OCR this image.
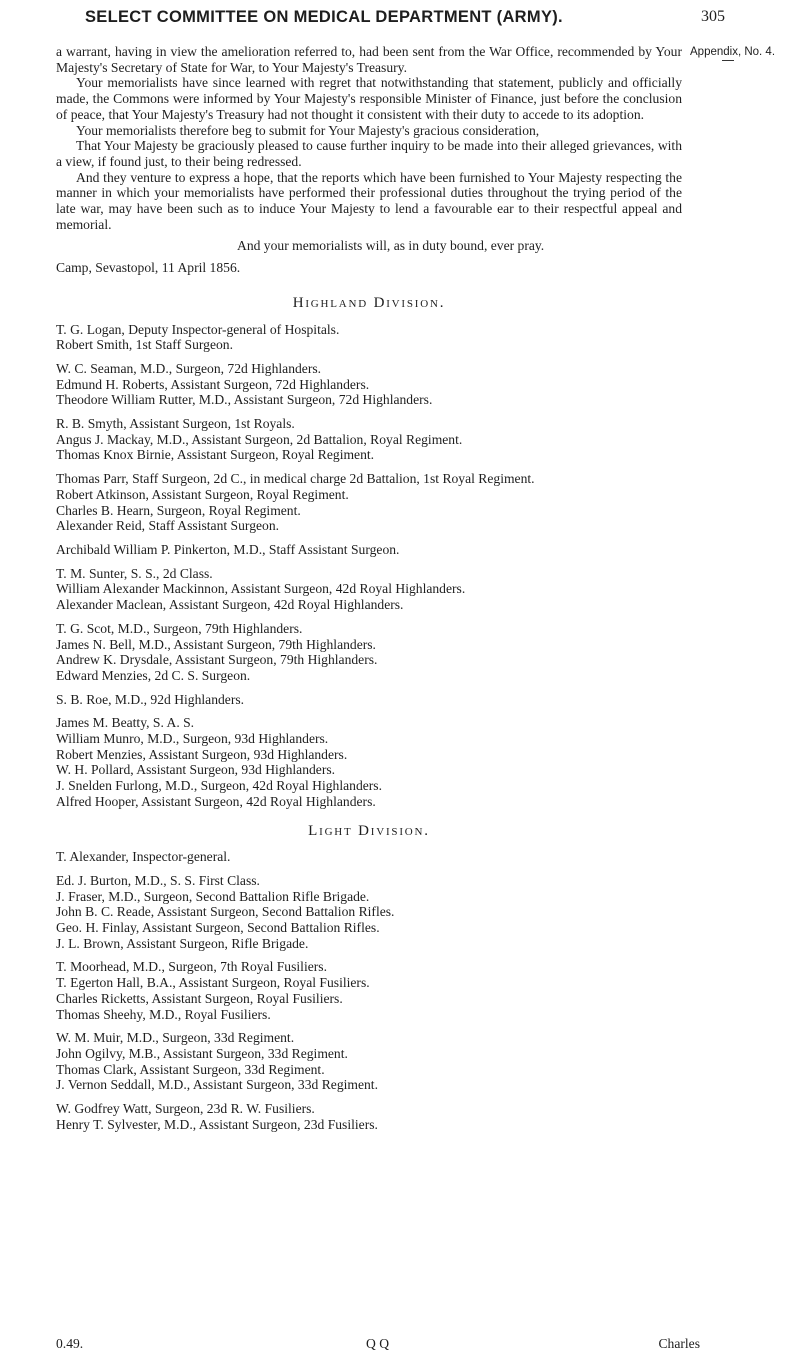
SELECT COMMITTEE ON MEDICAL DEPARTMENT (ARMY).	305
Appendix, No. 4.

a warrant, having in view the amelioration referred to, had been sent from the War Office, recommended by Your Majesty's Secretary of State for War, to Your Majesty's Treasury.

Your memorialists have since learned with regret that notwithstanding that statement, publicly and officially made, the Commons were informed by Your Majesty's responsible Minister of Finance, just before the conclusion of peace, that Your Majesty's Treasury had not thought it consistent with their duty to accede to its adoption.

Your memorialists therefore beg to submit for Your Majesty's gracious consideration,

That Your Majesty be graciously pleased to cause further inquiry to be made into their alleged grievances, with a view, if found just, to their being redressed.

And they venture to express a hope, that the reports which have been furnished to Your Majesty respecting the manner in which your memorialists have performed their professional duties throughout the trying period of the late war, may have been such as to induce Your Majesty to lend a favourable ear to their respectful appeal and memorial.

And your memorialists will, as in duty bound, ever pray.

Camp, Sevastopol, 11 April 1856.

Highland Division.
T. G. Logan, Deputy Inspector-general of Hospitals.
Robert Smith, 1st Staff Surgeon.
W. C. Seaman, M.D., Surgeon, 72d Highlanders.
Edmund H. Roberts, Assistant Surgeon, 72d Highlanders.
Theodore William Rutter, M.D., Assistant Surgeon, 72d Highlanders.
R. B. Smyth, Assistant Surgeon, 1st Royals.
Angus J. Mackay, M.D., Assistant Surgeon, 2d Battalion, Royal Regiment.
Thomas Knox Birnie, Assistant Surgeon, Royal Regiment.
Thomas Parr, Staff Surgeon, 2d C., in medical charge 2d Battalion, 1st Royal Regiment.
Robert Atkinson, Assistant Surgeon, Royal Regiment.
Charles B. Hearn, Surgeon, Royal Regiment.
Alexander Reid, Staff Assistant Surgeon.
Archibald William P. Pinkerton, M.D., Staff Assistant Surgeon.
T. M. Sunter, S. S., 2d Class.
William Alexander Mackinnon, Assistant Surgeon, 42d Royal Highlanders.
Alexander Maclean, Assistant Surgeon, 42d Royal Highlanders.
T. G. Scot, M.D., Surgeon, 79th Highlanders.
James N. Bell, M.D., Assistant Surgeon, 79th Highlanders.
Andrew K. Drysdale, Assistant Surgeon, 79th Highlanders.
Edward Menzies, 2d C. S. Surgeon.
S. B. Roe, M.D., 92d Highlanders.
James M. Beatty, S. A. S.
William Munro, M.D., Surgeon, 93d Highlanders.
Robert Menzies, Assistant Surgeon, 93d Highlanders.
W. H. Pollard, Assistant Surgeon, 93d Highlanders.
J. Snelden Furlong, M.D., Surgeon, 42d Royal Highlanders.
Alfred Hooper, Assistant Surgeon, 42d Royal Highlanders.
Light Division.
T. Alexander, Inspector-general.
Ed. J. Burton, M.D., S. S. First Class.
J. Fraser, M.D., Surgeon, Second Battalion Rifle Brigade.
John B. C. Reade, Assistant Surgeon, Second Battalion Rifles.
Geo. H. Finlay, Assistant Surgeon, Second Battalion Rifles.
J. L. Brown, Assistant Surgeon, Rifle Brigade.
T. Moorhead, M.D., Surgeon, 7th Royal Fusiliers.
T. Egerton Hall, B.A., Assistant Surgeon, Royal Fusiliers.
Charles Ricketts, Assistant Surgeon, Royal Fusiliers.
Thomas Sheehy, M.D., Royal Fusiliers.
W. M. Muir, M.D., Surgeon, 33d Regiment.
John Ogilvy, M.B., Assistant Surgeon, 33d Regiment.
Thomas Clark, Assistant Surgeon, 33d Regiment.
J. Vernon Seddall, M.D., Assistant Surgeon, 33d Regiment.
W. Godfrey Watt, Surgeon, 23d R. W. Fusiliers.
Henry T. Sylvester, M.D., Assistant Surgeon, 23d Fusiliers.
0.49.	Q Q	Charles
